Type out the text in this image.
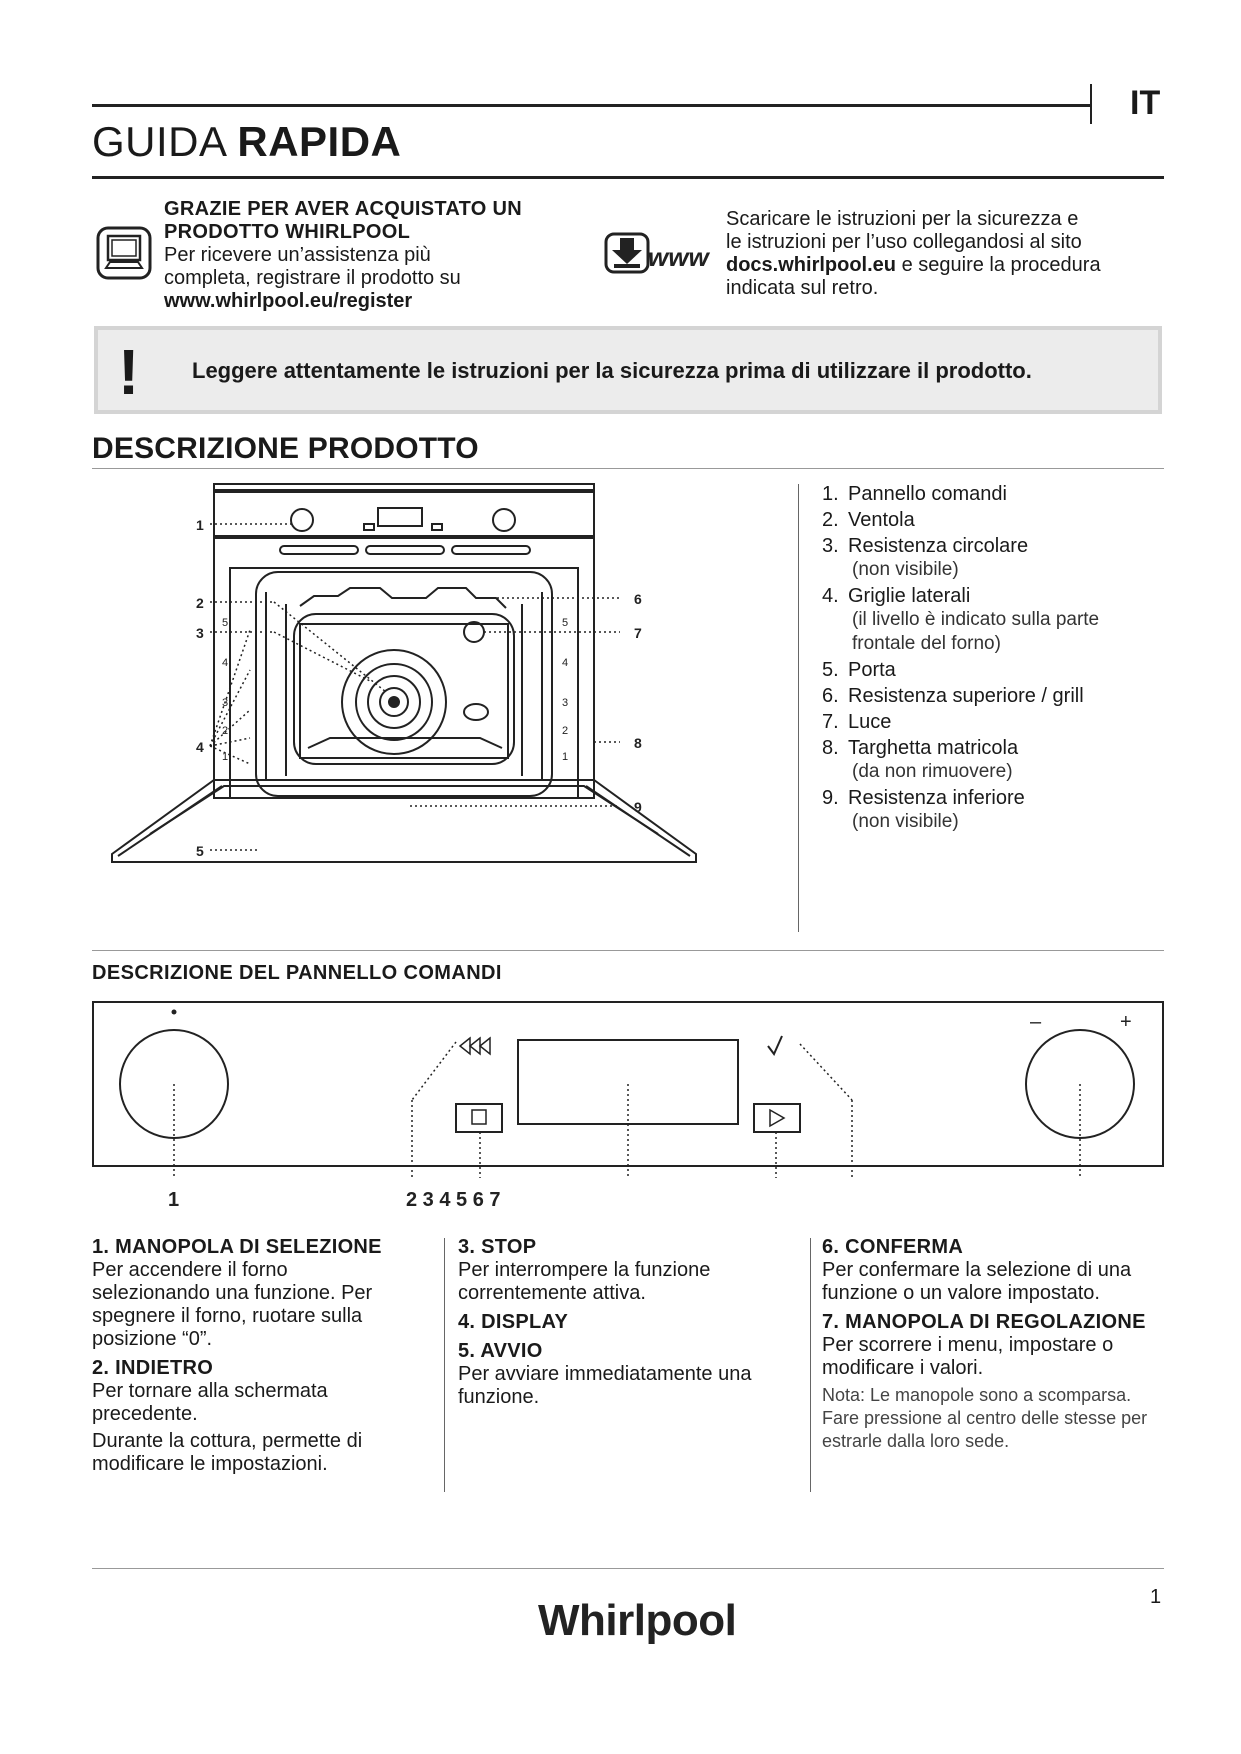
IT
GUIDA RAPIDA
GRAZIE PER AVER ACQUISTATO UN
PRODOTTO WHIRLPOOL
Per ricevere un’assistenza più
completa, registrare il prodotto su
www.whirlpool.eu/register
www
Scaricare le istruzioni per la sicurezza e
le istruzioni per l’uso collegandosi al sito
docs.whirlpool.eu e seguire la procedura
indicata sul retro.
! Leggere attentamente le istruzioni per la sicurezza prima di utilizzare il prodotto.
DESCRIZIONE PRODOTTO
5
4
3
2
1
5
4
3
2
1
1
2
3
4
5
6
7
8
9
1. Pannello comandi
2. Ventola
3. Resistenza circolare
(non visibile)
4. Griglie laterali
(il livello è indicato sulla parte
frontale del forno)
5. Porta
6. Resistenza superiore / grill
7. Luce
8. Targhetta matricola
(da non rimuovere)
9. Resistenza inferiore
(non visibile)
DESCRIZIONE DEL PANNELLO COMANDI
–	+
1	2 3 4 5 6 7
1. MANOPOLA DI SELEZIONE
Per accendere il forno
selezionando una funzione. Per
spegnere il forno, ruotare sulla
posizione “0”.
2. INDIETRO
Per tornare alla schermata
precedente.
Durante la cottura, permette di
modificare le impostazioni.
3. STOP
Per interrompere la funzione
correntemente attiva.
4. DISPLAY
5. AVVIO
Per avviare immediatamente una
funzione.
6. CONFERMA
Per confermare la selezione di una
funzione o un valore impostato.
7. MANOPOLA DI REGOLAZIONE
Per scorrere i menu, impostare o
modificare i valori.
Nota: Le manopole sono a scomparsa.
Fare pressione al centro delle stesse per
estrarle dalla loro sede.
1
Whirlpool
